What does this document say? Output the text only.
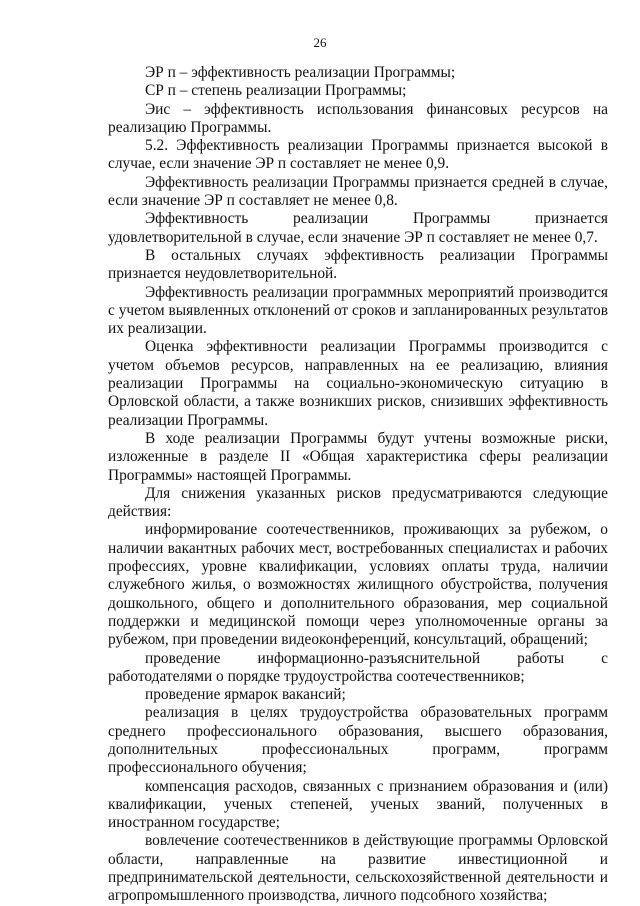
26

ЭР п – эффективность реализации Программы;

СР п – степень реализации Программы;

Эис – эффективность использования финансовых ресурсов на реализацию Программы.

5.2. Эффективность реализации Программы признается высокой в случае, если значение ЭР п составляет не менее 0,9.

Эффективность реализации Программы признается средней в случае, если значение ЭР п составляет не менее 0,8.

Эффективность реализации Программы признается удовлетворительной в случае, если значение ЭР п составляет не менее 0,7.

В остальных случаях эффективность реализации Программы признается неудовлетворительной.

Эффективность реализации программных мероприятий производится с учетом выявленных отклонений от сроков и запланированных результатов их реализации.

Оценка эффективности реализации Программы производится с учетом объемов ресурсов, направленных на ее реализацию, влияния реализации Программы на социально-экономическую ситуацию в Орловской области, а также возникших рисков, снизивших эффективность реализации Программы.

В ходе реализации Программы будут учтены возможные риски, изложенные в разделе II «Общая характеристика сферы реализации Программы» настоящей Программы.

Для снижения указанных рисков предусматриваются следующие действия:

информирование соотечественников, проживающих за рубежом, о наличии вакантных рабочих мест, востребованных специалистах и рабочих профессиях, уровне квалификации, условиях оплаты труда, наличии служебного жилья, о возможностях жилищного обустройства, получения дошкольного, общего и дополнительного образования, мер социальной поддержки и медицинской помощи через уполномоченные органы за рубежом, при проведении видеоконференций, консультаций, обращений;

проведение информационно-разъяснительной работы с работодателями о порядке трудоустройства соотечественников;

проведение ярмарок вакансий;

реализация в целях трудоустройства образовательных программ среднего профессионального образования, высшего образования, дополнительных профессиональных программ, программ профессионального обучения;

компенсация расходов, связанных с признанием образования и (или) квалификации, ученых степеней, ученых званий, полученных в иностранном государстве;

вовлечение соотечественников в действующие программы Орловской области, направленные на развитие инвестиционной и предпринимательской деятельности, сельскохозяйственной деятельности и агропромышленного производства, личного подсобного хозяйства;
